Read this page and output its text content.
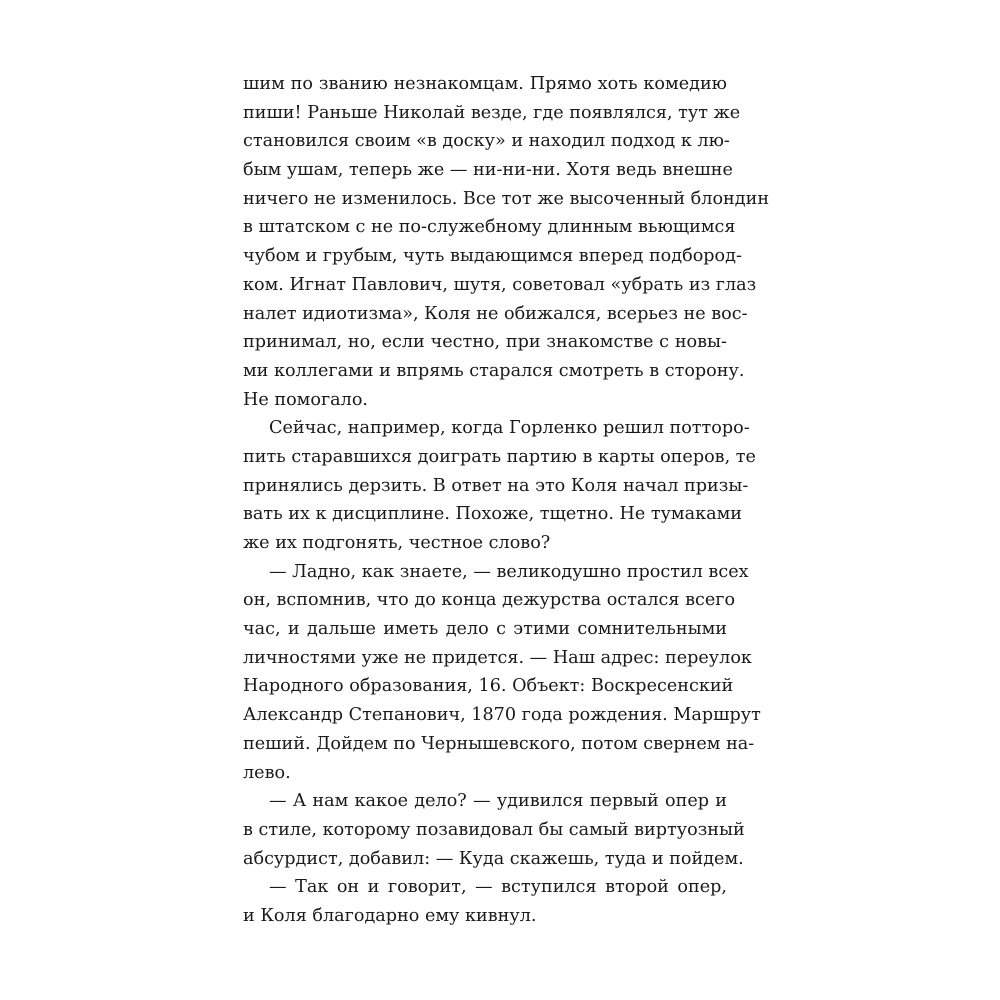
шим по званию незнакомцам. Прямо хоть комедию
пиши! Раньше Николай везде, где появлялся, тут же
становился своим «в доску» и находил подход к лю-
бым ушам, теперь же — ни-ни-ни. Хотя ведь внешне
ничего не изменилось. Все тот же высоченный блондин
в штатском с не по-служебному длинным вьющимся
чубом и грубым, чуть выдающимся вперед подбород-
ком. Игнат Павлович, шутя, советовал «убрать из глаз
налет идиотизма», Коля не обижался, всерьез не вос-
принимал, но, если честно, при знакомстве с новы-
ми коллегами и впрямь старался смотреть в сторону.
Не помогало.

Сейчас, например, когда Горленко решил потторо-
пить старавшихся доиграть партию в карты оперов, те
принялись дерзить. В ответ на это Коля начал призы-
вать их к дисциплине. Похоже, тщетно. Не тумаками
же их подгонять, честное слово?

— Ладно, как знаете, — великодушно простил всех
он, вспомнив, что до конца дежурства остался всего
час, и дальше иметь дело с этими сомнительными
личностями уже не придется. — Наш адрес: переулок
Народного образования, 16. Объект: Воскресенский
Александр Степанович, 1870 года рождения. Маршрут
пеший. Дойдем по Чернышевского, потом свернем на-
лево.

— А нам какое дело? — удивился первый опер и
в стиле, которому позавидовал бы самый виртуозный
абсурдист, добавил: — Куда скажешь, туда и пойдем.

— Так он и говорит, — вступился второй опер,
и Коля благодарно ему кивнул.
